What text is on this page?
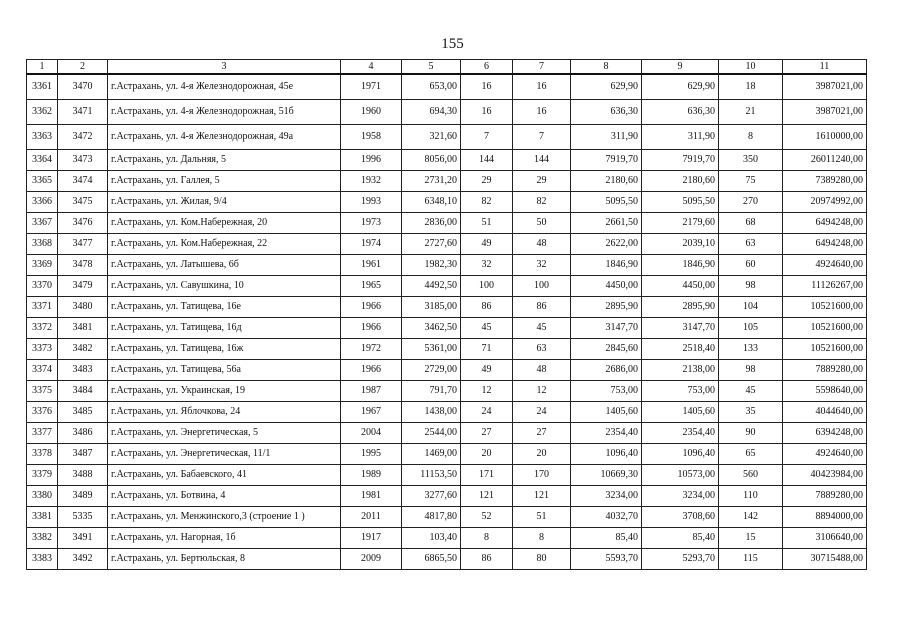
155
1	2	3	4	5	6	7	8	9	10	11
3361	3470	г.Астрахань, ул. 4-я Железнодорожная, 45е	1971	653,00	16	16	629,90	629,90	18	3987021,00
3362	3471	г.Астрахань, ул. 4-я Железнодорожная, 51б	1960	694,30	16	16	636,30	636,30	21	3987021,00
3363	3472	г.Астрахань, ул. 4-я Железнодорожная, 49а	1958	321,60	7	7	311,90	311,90	8	1610000,00
3364	3473	г.Астрахань, ул. Дальняя, 5	1996	8056,00	144	144	7919,70	7919,70	350	26011240,00
3365	3474	г.Астрахань, ул. Галлея, 5	1932	2731,20	29	29	2180,60	2180,60	75	7389280,00
3366	3475	г.Астрахань, ул. Жилая, 9/4	1993	6348,10	82	82	5095,50	5095,50	270	20974992,00
3367	3476	г.Астрахань, ул. Ком.Набережная, 20	1973	2836,00	51	50	2661,50	2179,60	68	6494248,00
3368	3477	г.Астрахань, ул. Ком.Набережная, 22	1974	2727,60	49	48	2622,00	2039,10	63	6494248,00
3369	3478	г.Астрахань, ул. Латышева, 6б	1961	1982,30	32	32	1846,90	1846,90	60	4924640,00
3370	3479	г.Астрахань, ул. Савушкина, 10	1965	4492,50	100	100	4450,00	4450,00	98	11126267,00
3371	3480	г.Астрахань, ул. Татищева, 16е	1966	3185,00	86	86	2895,90	2895,90	104	10521600,00
3372	3481	г.Астрахань, ул. Татищева, 16д	1966	3462,50	45	45	3147,70	3147,70	105	10521600,00
3373	3482	г.Астрахань, ул. Татищева, 16ж	1972	5361,00	71	63	2845,60	2518,40	133	10521600,00
3374	3483	г.Астрахань, ул. Татищева, 56а	1966	2729,00	49	48	2686,00	2138,00	98	7889280,00
3375	3484	г.Астрахань, ул. Украинская, 19	1987	791,70	12	12	753,00	753,00	45	5598640,00
3376	3485	г.Астрахань, ул. Яблочкова, 24	1967	1438,00	24	24	1405,60	1405,60	35	4044640,00
3377	3486	г.Астрахань, ул. Энергетическая, 5	2004	2544,00	27	27	2354,40	2354,40	90	6394248,00
3378	3487	г.Астрахань, ул. Энергетическая, 11/1	1995	1469,00	20	20	1096,40	1096,40	65	4924640,00
3379	3488	г.Астрахань, ул. Бабаевского, 41	1989	11153,50	171	170	10669,30	10573,00	560	40423984,00
3380	3489	г.Астрахань, ул. Ботвина, 4	1981	3277,60	121	121	3234,00	3234,00	110	7889280,00
3381	5335	г.Астрахань, ул. Менжинского,3 (строение 1 )	2011	4817,80	52	51	4032,70	3708,60	142	8894000,00
3382	3491	г.Астрахань, ул. Нагорная, 1б	1917	103,40	8	8	85,40	85,40	15	3106640,00
3383	3492	г.Астрахань, ул. Бертюльская, 8	2009	6865,50	86	80	5593,70	5293,70	115	30715488,00
